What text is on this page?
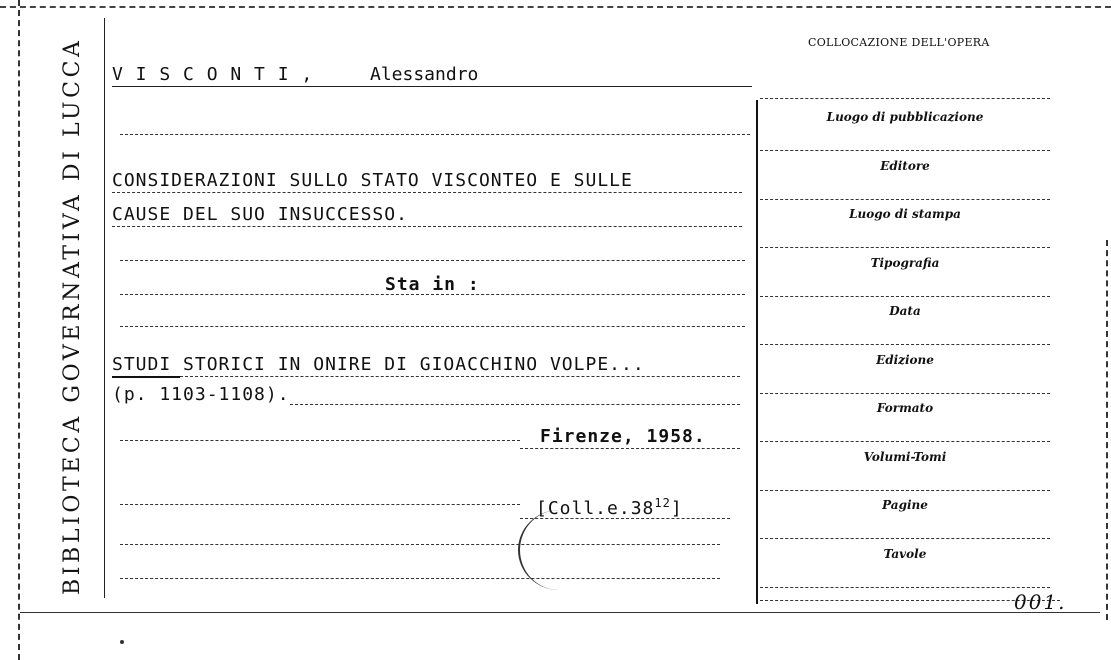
BIBLIOTECA GOVERNATIVA DI LUCCA	COLLOCAZIONE DELL'OPERA
V I S C O N T I ,	Alessandro
CONSIDERAZIONI SULLO STATO VISCONTEO E SULLE
CAUSE DEL SUO INSUCCESSO.
Sta in :
STUDI STORICI IN ONIRE DI GIOACCHINO VOLPE...
(p. 1103-1108).
Firenze, 1958.
$[Coll.e.38^{12}]$
Luogo di pubblicazione
Editore
Luogo di stampa
Tipografia
Data
Edizione
Formato
Volumi-Tomi
Pagine
Tavole
001.
